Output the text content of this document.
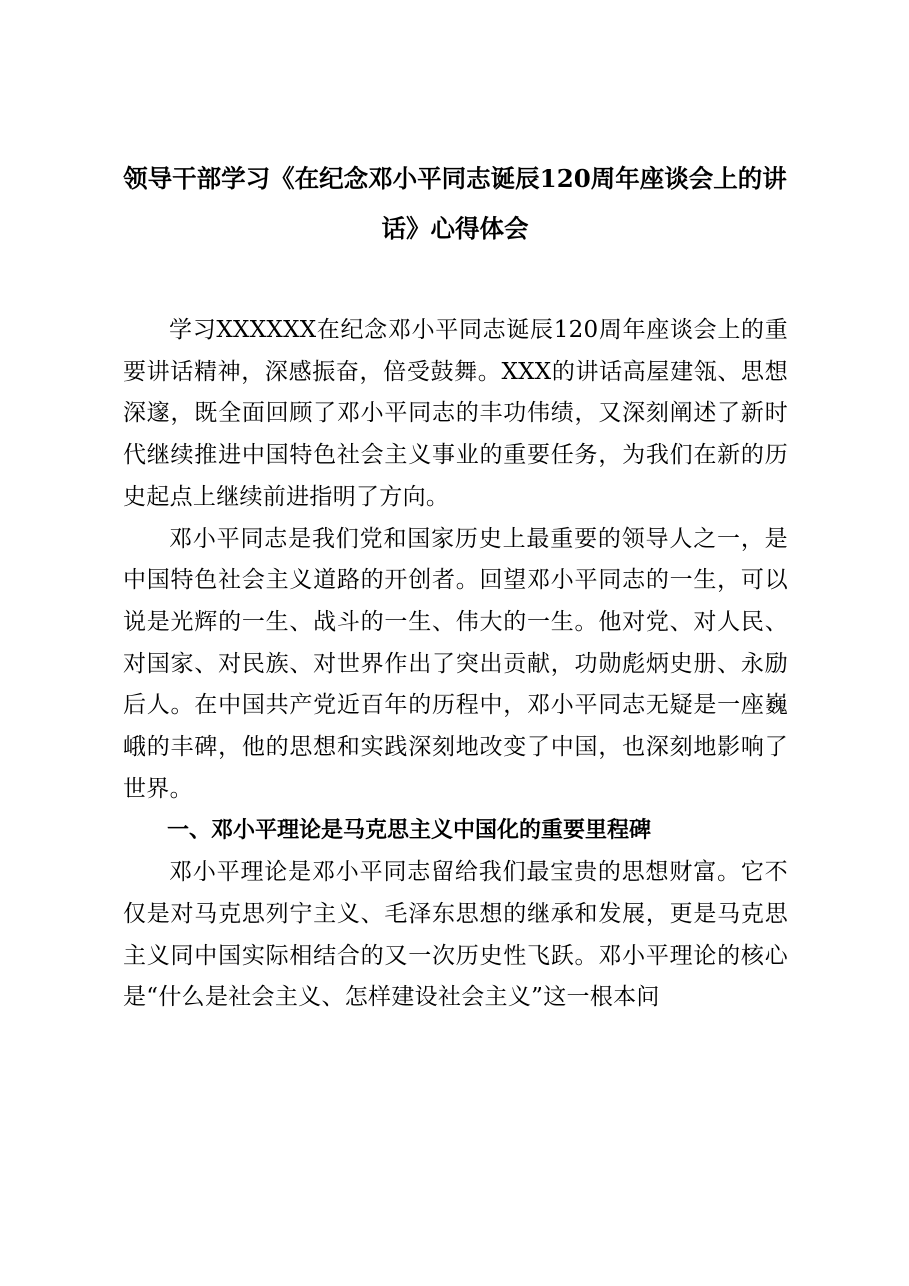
领导干部学习《在纪念邓小平同志诞辰120周年座谈会上的讲
话》心得体会

学习XXXXXX在纪念邓小平同志诞辰120周年座谈会上的重要讲话精神，深感振奋，倍受鼓舞。XXX的讲话高屋建瓴、思想深邃，既全面回顾了邓小平同志的丰功伟绩，又深刻阐述了新时代继续推进中国特色社会主义事业的重要任务，为我们在新的历史起点上继续前进指明了方向。

邓小平同志是我们党和国家历史上最重要的领导人之一，是中国特色社会主义道路的开创者。回望邓小平同志的一生，可以说是光辉的一生、战斗的一生、伟大的一生。他对党、对人民、对国家、对民族、对世界作出了突出贡献，功勋彪炳史册、永励后人。在中国共产党近百年的历程中，邓小平同志无疑是一座巍峨的丰碑，他的思想和实践深刻地改变了中国，也深刻地影响了世界。

一、邓小平理论是马克思主义中国化的重要里程碑

邓小平理论是邓小平同志留给我们最宝贵的思想财富。它不仅是对马克思列宁主义、毛泽东思想的继承和发展，更是马克思主义同中国实际相结合的又一次历史性飞跃。邓小平理论的核心是“什么是社会主义、怎样建设社会主义”这一根本问
